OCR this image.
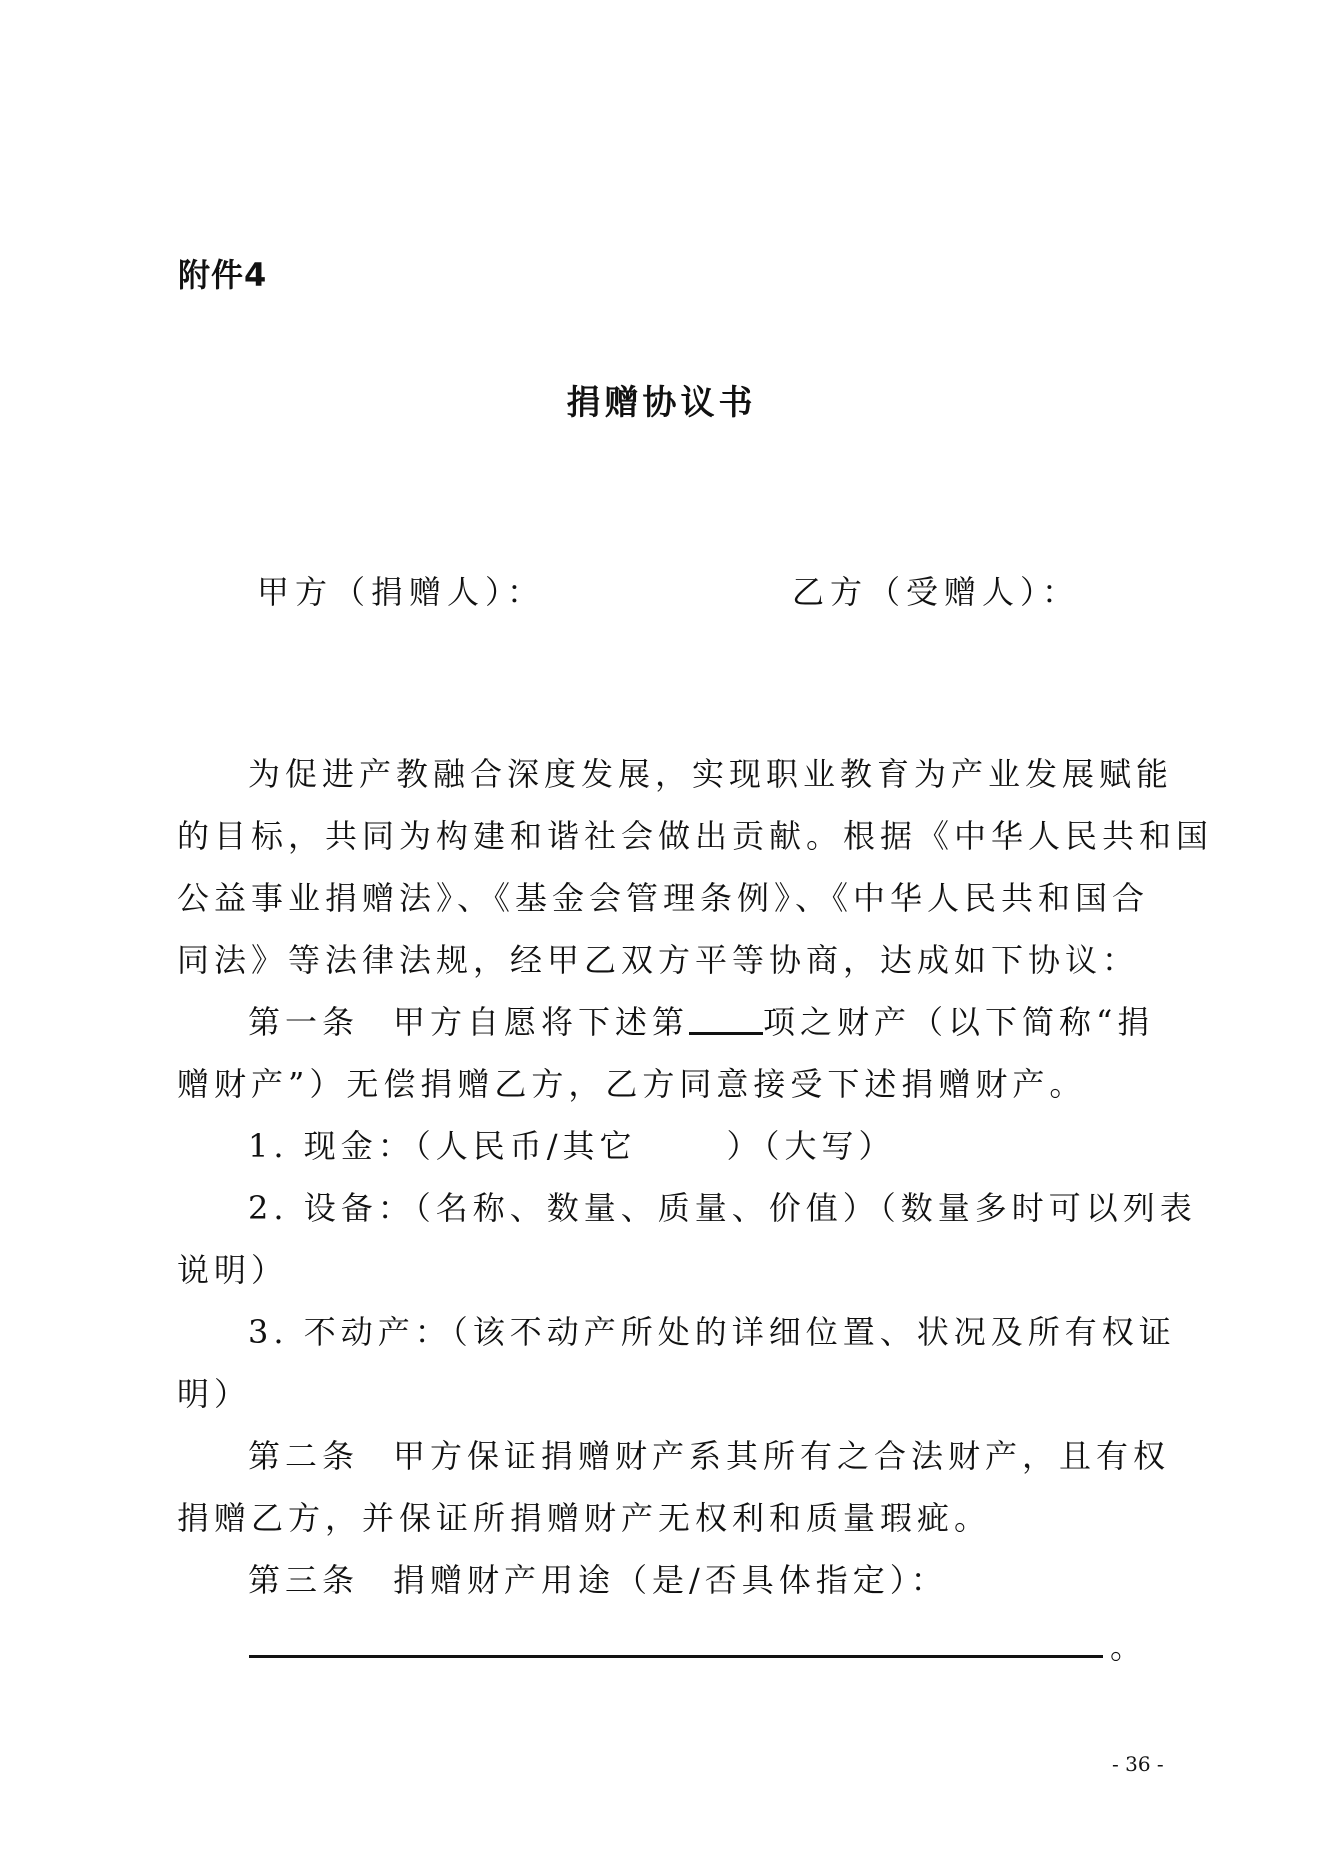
附件4
捐赠协议书
甲方（捐赠人）：	乙方（受赠人）：
为促进产教融合深度发展，实现职业教育为产业发展赋能
的目标，共同为构建和谐社会做出贡献。根据《中华人民共和国
公益事业捐赠法》、《基金会管理条例》、《中华人民共和国合
同法》等法律法规，经甲乙双方平等协商，达成如下协议：
第一条 甲方自愿将下述第 项之财产（以下简称“捐
赠财产”）无偿捐赠乙方，乙方同意接受下述捐赠财产。
1. 现金：（人民币/其它	）（大写）
2. 设备：（名称、数量、质量、价值）（数量多时可以列表
说明）
3. 不动产：（该不动产所处的详细位置、状况及所有权证
明）
第二条 甲方保证捐赠财产系其所有之合法财产，且有权
捐赠乙方，并保证所捐赠财产无权利和质量瑕疵。
第三条 捐赠财产用途（是/否具体指定）：
。
- 36 -
